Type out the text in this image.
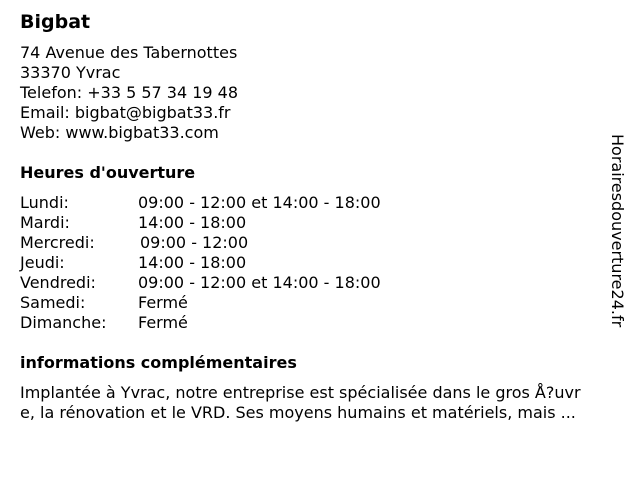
Bigbat
74 Avenue des Tabernottes
33370 Yvrac
Telefon: +33 5 57 34 19 48
Email: bigbat@bigbat33.fr
Web: www.bigbat33.com
Heures d'ouverture
Lundi:	09:00 - 12:00 et 14:00 - 18:00
Mardi:	14:00 - 18:00
Mercredi:	09:00 - 12:00
Jeudi:	14:00 - 18:00
Vendredi:	09:00 - 12:00 et 14:00 - 18:00
Samedi:	Fermé
Dimanche:	Fermé
informations complémentaires
Implantée à Yvrac, notre entreprise est spécialisée dans le gros Å?uvr
e, la rénovation et le VRD. Ses moyens humains et matériels, mais ...
Horairesdouverture24.fr
